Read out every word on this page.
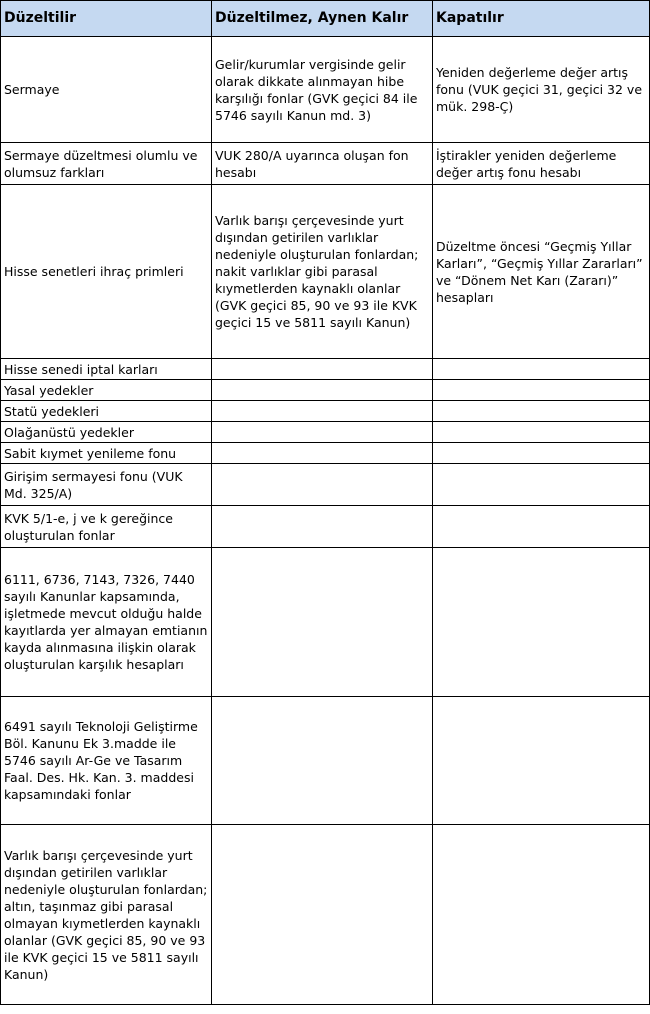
Düzeltilir	Düzeltilmez, Aynen Kalır	Kapatılır
Sermaye	Gelir/kurumlar vergisinde gelir olarak dikkate alınmayan hibe karşılığı fonlar (GVK geçici 84 ile 5746 sayılı Kanun md. 3)	Yeniden değerleme değer artış fonu (VUK geçici 31, geçici 32 ve mük. 298-Ç)
Sermaye düzeltmesi olumlu ve olumsuz farkları	VUK 280/A uyarınca oluşan fon hesabı	İştirakler yeniden değerleme değer artış fonu hesabı
Hisse senetleri ihraç primleri	Varlık barışı çerçevesinde yurt dışından getirilen varlıklar nedeniyle oluşturulan fonlardan; nakit varlıklar gibi parasal kıymetlerden kaynaklı olanlar (GVK geçici 85, 90 ve 93 ile KVK geçici 15 ve 5811 sayılı Kanun)	Düzeltme öncesi “Geçmiş Yıllar Karları”, “Geçmiş Yıllar Zararları” ve “Dönem Net Karı (Zararı)” hesapları
Hisse senedi iptal karları		
Yasal yedekler		
Statü yedekleri		
Olağanüstü yedekler		
Sabit kıymet yenileme fonu		
Girişim sermayesi fonu (VUK Md. 325/A)		
KVK 5/1-e, j ve k gereğince oluşturulan fonlar		
6111, 6736, 7143, 7326, 7440 sayılı Kanunlar kapsamında, işletmede mevcut olduğu halde kayıtlarda yer almayan emtianın kayda alınmasına ilişkin olarak oluşturulan karşılık hesapları		
6491 sayılı Teknoloji Geliştirme Böl. Kanunu Ek 3.madde ile 5746 sayılı Ar-Ge ve Tasarım Faal. Des. Hk. Kan. 3. maddesi kapsamındaki fonlar		
Varlık barışı çerçevesinde yurt dışından getirilen varlıklar nedeniyle oluşturulan fonlardan; altın, taşınmaz gibi parasal olmayan kıymetlerden kaynaklı olanlar (GVK geçici 85, 90 ve 93 ile KVK geçici 15 ve 5811 sayılı Kanun)		
